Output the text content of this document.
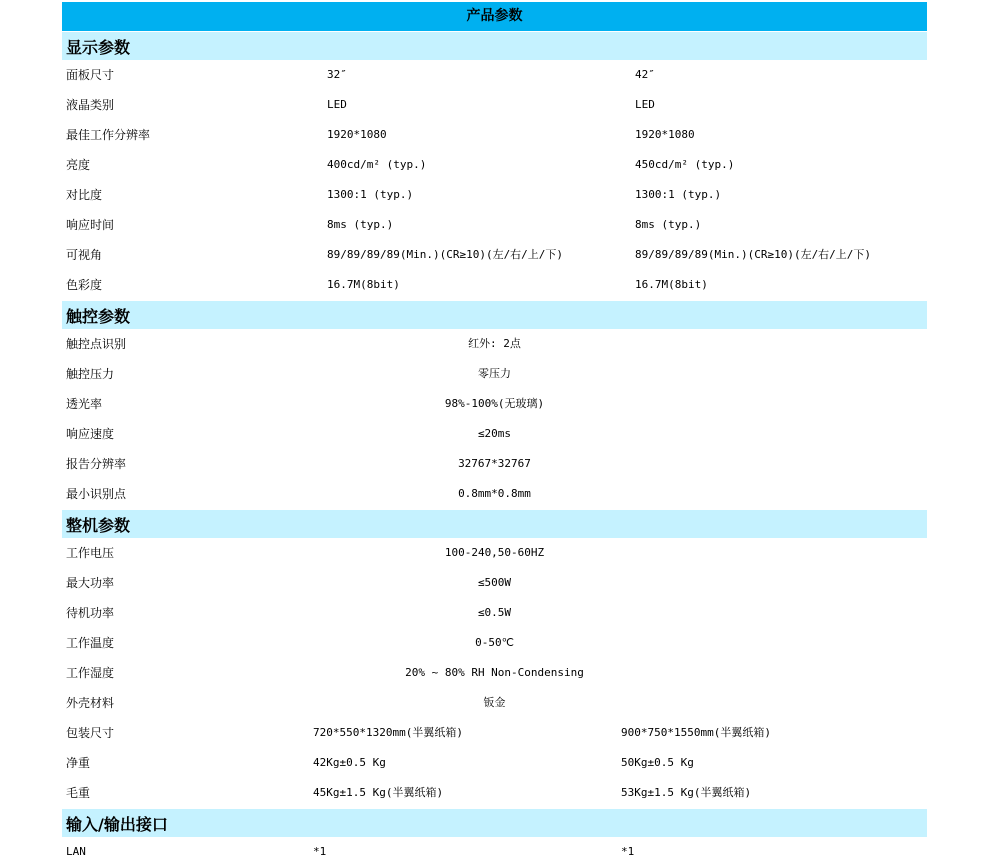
产品参数
显示参数
面板尺寸	32″	42″
液晶类别	LED	LED
最佳工作分辨率	1920*1080	1920*1080
亮度	400cd/m² (typ.)	450cd/m² (typ.)
对比度	1300:1 (typ.)	1300:1 (typ.)
响应时间	8ms (typ.)	8ms (typ.)
可视角	89/89/89/89(Min.)(CR≥10)(左/右/上/下)	89/89/89/89(Min.)(CR≥10)(左/右/上/下)
色彩度	16.7M(8bit)	16.7M(8bit)
触控参数
触控点识别	红外: 2点
触控压力	零压力
透光率	98%-100%(无玻璃)
响应速度	≤20ms
报告分辨率	32767*32767
最小识别点	0.8mm*0.8mm
整机参数
工作电压	100-240,50-60HZ
最大功率	≤500W
待机功率	≤0.5W
工作温度	0-50℃
工作湿度	20% ~ 80% RH Non-Condensing
外壳材料	钣金
包装尺寸	720*550*1320mm(半翼纸箱)	900*750*1550mm(半翼纸箱)
净重	42Kg±0.5 Kg	50Kg±0.5 Kg
毛重	45Kg±1.5 Kg(半翼纸箱)	53Kg±1.5 Kg(半翼纸箱)
输入/输出接口
LAN	*1	*1
